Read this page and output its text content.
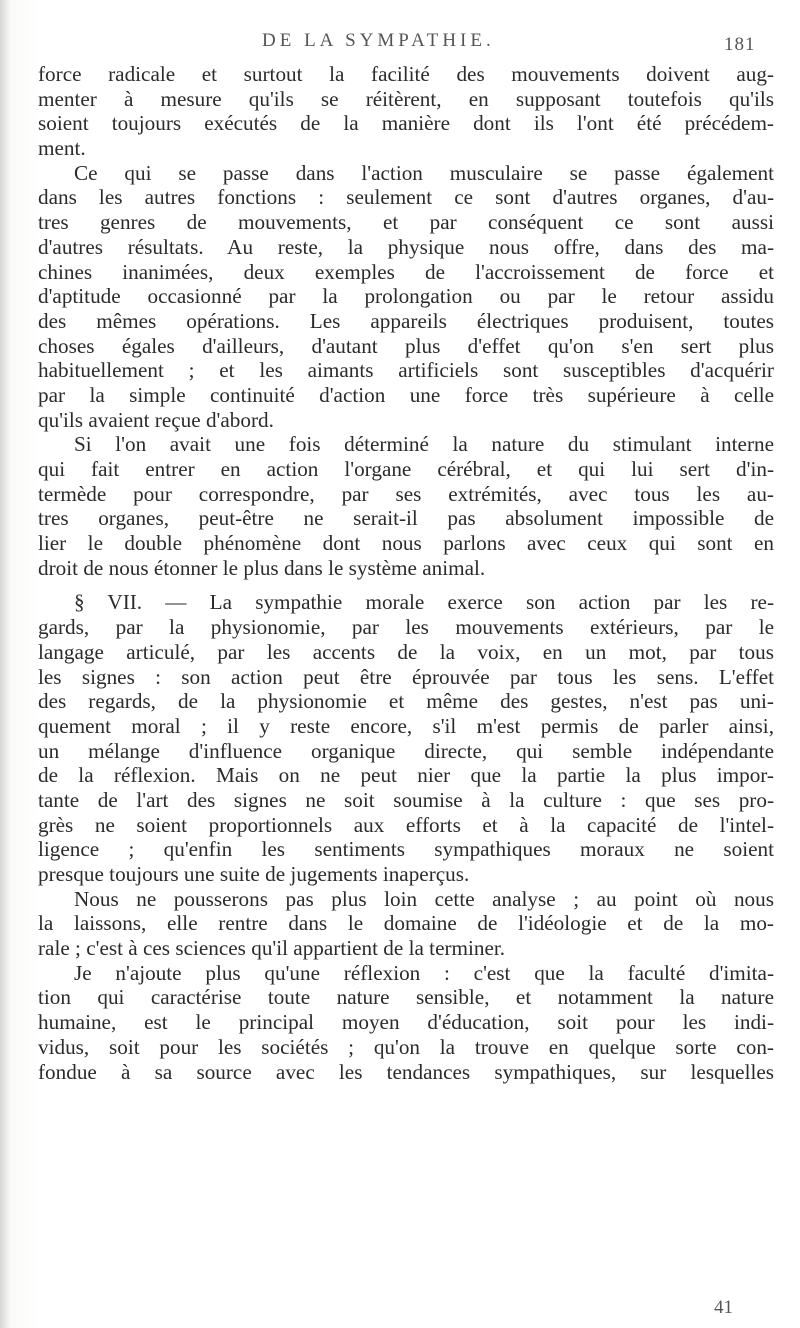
DE LA SYMPATHIE.	181
force radicale et surtout la facilité des mouvements doivent aug-
menter à mesure qu'ils se réitèrent, en supposant toutefois qu'ils
soient toujours exécutés de la manière dont ils l'ont été précédem-
ment.
Ce qui se passe dans l'action musculaire se passe également
dans les autres fonctions : seulement ce sont d'autres organes, d'au-
tres genres de mouvements, et par conséquent ce sont aussi
d'autres résultats. Au reste, la physique nous offre, dans des ma-
chines inanimées, deux exemples de l'accroissement de force et
d'aptitude occasionné par la prolongation ou par le retour assidu
des mêmes opérations. Les appareils électriques produisent, toutes
choses égales d'ailleurs, d'autant plus d'effet qu'on s'en sert plus
habituellement ; et les aimants artificiels sont susceptibles d'acquérir
par la simple continuité d'action une force très supérieure à celle
qu'ils avaient reçue d'abord.
Si l'on avait une fois déterminé la nature du stimulant interne
qui fait entrer en action l'organe cérébral, et qui lui sert d'in-
termède pour correspondre, par ses extrémités, avec tous les au-
tres organes, peut-être ne serait-il pas absolument impossible de
lier le double phénomène dont nous parlons avec ceux qui sont en
droit de nous étonner le plus dans le système animal.
§ VII. — La sympathie morale exerce son action par les re-
gards, par la physionomie, par les mouvements extérieurs, par le
langage articulé, par les accents de la voix, en un mot, par tous
les signes : son action peut être éprouvée par tous les sens. L'effet
des regards, de la physionomie et même des gestes, n'est pas uni-
quement moral ; il y reste encore, s'il m'est permis de parler ainsi,
un mélange d'influence organique directe, qui semble indépendante
de la réflexion. Mais on ne peut nier que la partie la plus impor-
tante de l'art des signes ne soit soumise à la culture : que ses pro-
grès ne soient proportionnels aux efforts et à la capacité de l'intel-
ligence ; qu'enfin les sentiments sympathiques moraux ne soient
presque toujours une suite de jugements inaperçus.
Nous ne pousserons pas plus loin cette analyse ; au point où nous
la laissons, elle rentre dans le domaine de l'idéologie et de la mo-
rale ; c'est à ces sciences qu'il appartient de la terminer.
Je n'ajoute plus qu'une réflexion : c'est que la faculté d'imita-
tion qui caractérise toute nature sensible, et notamment la nature
humaine, est le principal moyen d'éducation, soit pour les indi-
vidus, soit pour les sociétés ; qu'on la trouve en quelque sorte con-
fondue à sa source avec les tendances sympathiques, sur lesquelles
41
